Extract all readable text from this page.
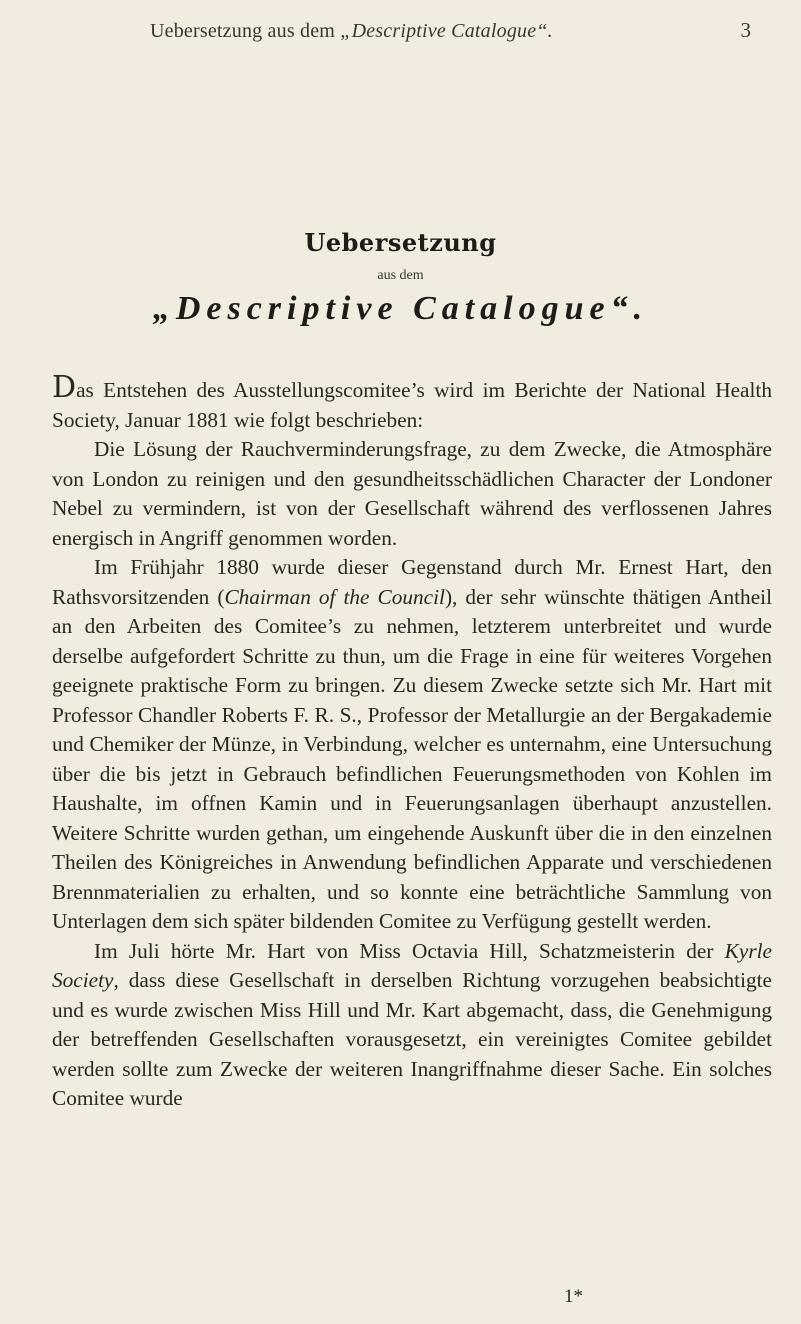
Uebersetzung aus dem „Descriptive Catalogue“.	3
Uebersetzung
aus dem
„Descriptive Catalogue“.

Das Entstehen des Ausstellungscomitee’s wird im Berichte der National Health Society, Januar 1881 wie folgt beschrieben:

Die Lösung der Rauchverminderungsfrage, zu dem Zwecke, die Atmosphäre von London zu reinigen und den gesundheitsschädlichen Character der Londoner Nebel zu vermindern, ist von der Gesellschaft während des verflossenen Jahres energisch in Angriff genommen worden.

Im Frühjahr 1880 wurde dieser Gegenstand durch Mr. Ernest Hart, den Rathsvorsitzenden (Chairman of the Council), der sehr wünschte thätigen Antheil an den Arbeiten des Comitee’s zu nehmen, letzterem unterbreitet und wurde derselbe aufgefordert Schritte zu thun, um die Frage in eine für weiteres Vorgehen geeignete praktische Form zu bringen. Zu diesem Zwecke setzte sich Mr. Hart mit Professor Chandler Roberts F. R. S., Professor der Metallurgie an der Bergakademie und Chemiker der Münze, in Verbindung, welcher es unternahm, eine Untersuchung über die bis jetzt in Gebrauch befindlichen Feuerungsmethoden von Kohlen im Haushalte, im offnen Kamin und in Feuerungsanlagen überhaupt anzustellen. Weitere Schritte wurden gethan, um eingehende Auskunft über die in den einzelnen Theilen des Königreiches in Anwendung befindlichen Apparate und verschiedenen Brennmaterialien zu erhalten, und so konnte eine beträchtliche Sammlung von Unterlagen dem sich später bildenden Comitee zu Verfügung gestellt werden.

Im Juli hörte Mr. Hart von Miss Octavia Hill, Schatzmeisterin der Kyrle Society, dass diese Gesellschaft in derselben Richtung vorzugehen beabsichtigte und es wurde zwischen Miss Hill und Mr. Kart abgemacht, dass, die Genehmigung der betreffenden Gesellschaften vorausgesetzt, ein vereinigtes Comitee gebildet werden sollte zum Zwecke der weiteren Inangriffnahme dieser Sache. Ein solches Comitee wurde

1*
